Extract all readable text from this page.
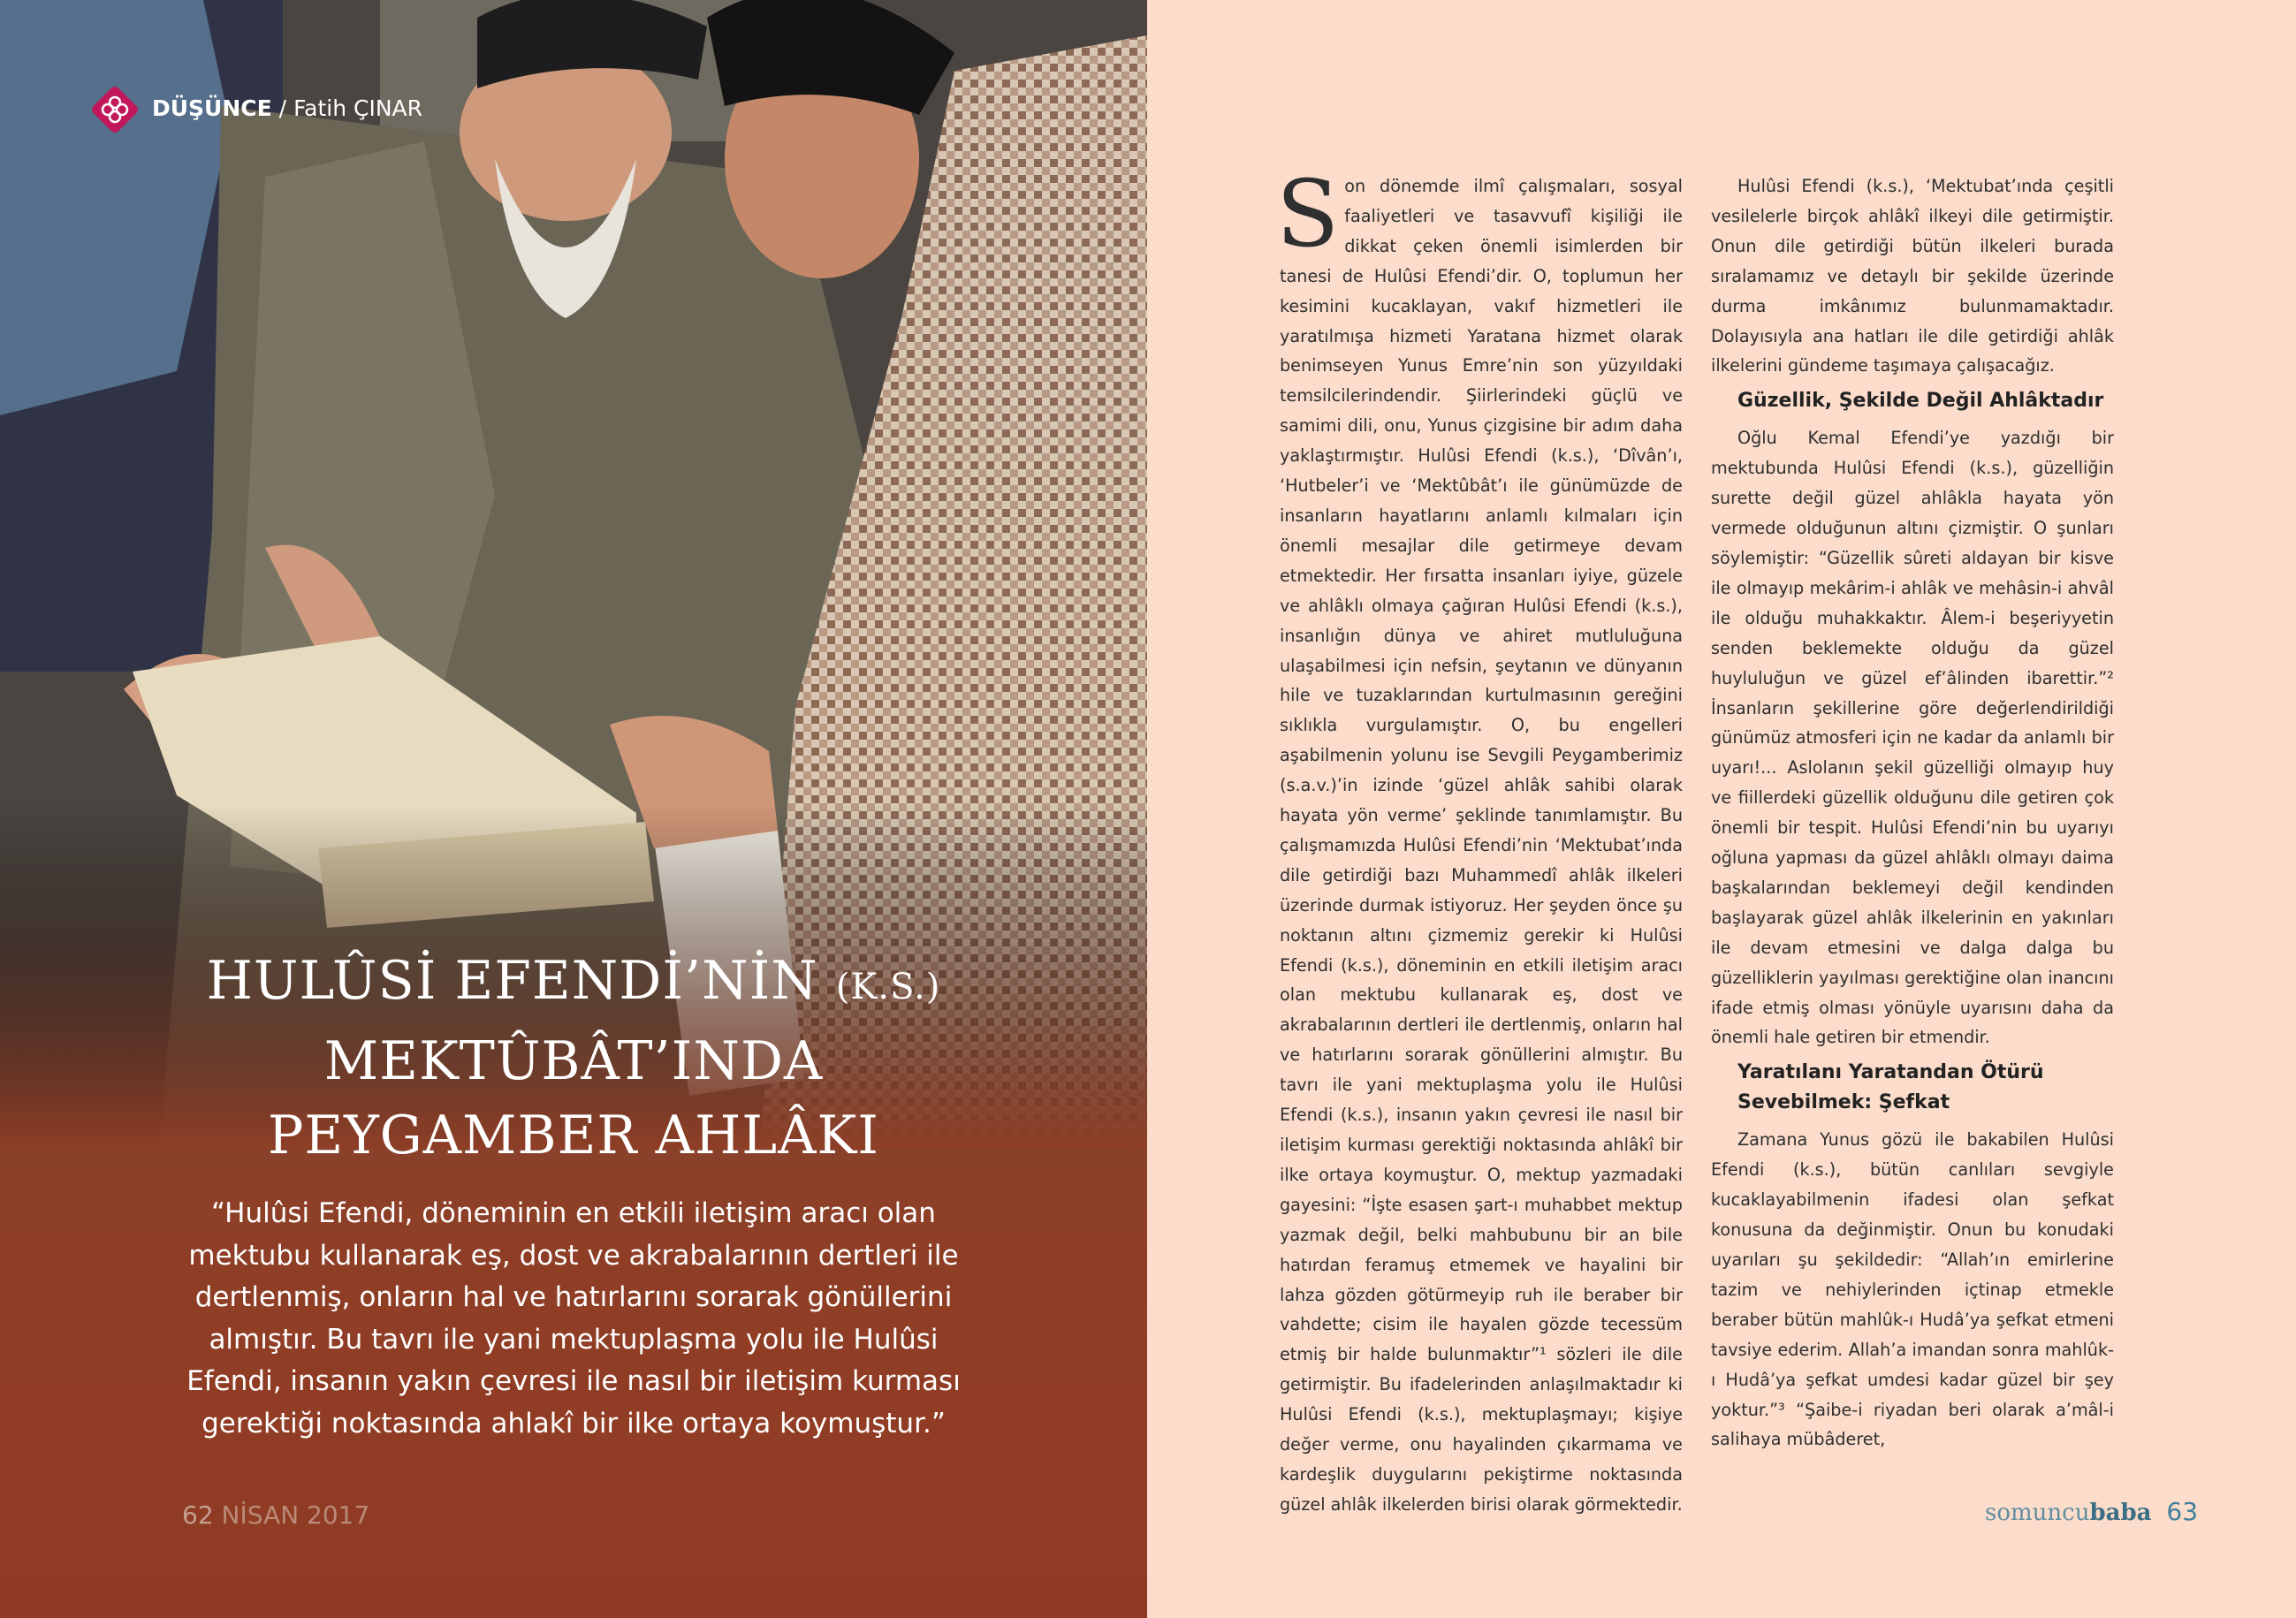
DÜŞÜNCE / Fatih ÇINAR
HULÛSİ EFENDİ’NİN (K.S.)
MEKTÛBÂT’INDA
PEYGAMBER AHLÂKI
“Hulûsi Efendi, döneminin en etkili iletişim aracı olan mektubu kullanarak eş, dost ve akrabalarının dertleri ile dertlenmiş, onların hal ve hatırlarını sorarak gönüllerini almıştır. Bu tavrı ile yani mektuplaşma yolu ile Hulûsi Efendi, insanın yakın çevresi ile nasıl bir iletişim kurması gerektiği noktasında ahlakî bir ilke ortaya koymuştur.”
62 NİSAN 2017

Son dönemde ilmî çalışmaları, sosyal faaliyetleri ve tasavvufî kişiliği ile dikkat çeken önemli isimlerden bir tanesi de Hulûsi Efendi’dir. O, toplumun her kesimini kucaklayan, vakıf hizmetleri ile yaratılmışa hizmeti Yaratana hizmet olarak benimseyen Yunus Emre’nin son yüzyıldaki temsilcilerindendir. Şiirlerindeki güçlü ve samimi dili, onu, Yunus çizgisine bir adım daha yaklaştırmıştır. Hulûsi Efendi (k.s.), ‘Dîvân’ı, ‘Hutbeler’i ve ‘Mektûbât’ı ile günümüzde de insanların hayatlarını anlamlı kılmaları için önemli mesajlar dile getirmeye devam etmektedir. Her fırsatta insanları iyiye, güzele ve ahlâklı olmaya çağıran Hulûsi Efendi (k.s.), insanlığın dünya ve ahiret mutluluğuna ulaşabilmesi için nefsin, şeytanın ve dünyanın hile ve tuzaklarından kurtulmasının gereğini sıklıkla vurgulamıştır. O, bu engelleri aşabilmenin yolunu ise Sevgili Peygamberimiz (s.a.v.)’in izinde ‘güzel ahlâk sahibi olarak hayata yön verme’ şeklinde tanımlamıştır. Bu çalışmamızda Hulûsi Efendi’nin ‘Mektubat’ında dile getirdiği bazı Muhammedî ahlâk ilkeleri üzerinde durmak istiyoruz. Her şeyden önce şu noktanın altını çizmemiz gerekir ki Hulûsi Efendi (k.s.), döneminin en etkili iletişim aracı olan mektubu kullanarak eş, dost ve akrabalarının dertleri ile dertlenmiş, onların hal ve hatırlarını sorarak gönüllerini almıştır. Bu tavrı ile yani mektuplaşma yolu ile Hulûsi Efendi (k.s.), insanın yakın çevresi ile nasıl bir iletişim kurması gerektiği noktasında ahlâkî bir ilke ortaya koymuştur. O, mektup yazmadaki gayesini: “İşte esasen şart-ı muhabbet mektup yazmak değil, belki mahbubunu bir an bile hatırdan feramuş etmemek ve hayalini bir lahza gözden götürmeyip ruh ile beraber bir vahdette; cisim ile hayalen gözde tecessüm etmiş bir halde bulunmaktır”¹ sözleri ile dile getirmiştir. Bu ifadelerinden anlaşılmaktadır ki Hulûsi Efendi (k.s.), mektuplaşmayı; kişiye değer verme, onu hayalinden çıkarmama ve kardeşlik duygularını pekiştirme noktasında güzel ahlâk ilkelerden birisi olarak görmektedir.

Hulûsi Efendi (k.s.), ‘Mektubat’ında çeşitli vesilelerle birçok ahlâkî ilkeyi dile getirmiştir. Onun dile getirdiği bütün ilkeleri burada sıralamamız ve detaylı bir şekilde üzerinde durma imkânımız bulunmamaktadır. Dolayısıyla ana hatları ile dile getirdiği ahlâk ilkelerini gündeme taşımaya çalışacağız.

Güzellik, Şekilde Değil Ahlâktadır

Oğlu Kemal Efendi’ye yazdığı bir mektubunda Hulûsi Efendi (k.s.), güzelliğin surette değil güzel ahlâkla hayata yön vermede olduğunun altını çizmiştir. O şunları söylemiştir: “Güzellik sûreti aldayan bir kisve ile olmayıp mekârim-i ahlâk ve mehâsin-i ahvâl ile olduğu muhakkaktır. Âlem-i beşeriyyetin senden beklemekte olduğu da güzel huyluluğun ve güzel ef’âlinden ibarettir.”² İnsanların şekillerine göre değerlendirildiği günümüz atmosferi için ne kadar da anlamlı bir uyarı!... Aslolanın şekil güzelliği olmayıp huy ve fiillerdeki güzellik olduğunu dile getiren çok önemli bir tespit. Hulûsi Efendi’nin bu uyarıyı oğluna yapması da güzel ahlâklı olmayı daima başkalarından beklemeyi değil kendinden başlayarak güzel ahlâk ilkelerinin en yakınları ile devam etmesini ve dalga dalga bu güzelliklerin yayılması gerektiğine olan inancını ifade etmiş olması yönüyle uyarısını daha da önemli hale getiren bir etmendir.

Yaratılanı Yaratandan Ötürü
Sevebilmek: Şefkat

Zamana Yunus gözü ile bakabilen Hulûsi Efendi (k.s.), bütün canlıları sevgiyle kucaklayabilmenin ifadesi olan şefkat konusuna da değinmiştir. Onun bu konudaki uyarıları şu şekildedir: “Allah’ın emirlerine tazim ve nehiylerinden içtinap etmekle beraber bütün mahlûk-ı Hudâ’ya şefkat etmeni tavsiye ederim. Allah’a imandan sonra mahlûk-ı Hudâ’ya şefkat umdesi kadar güzel bir şey yoktur.”³ “Şaibe-i riyadan beri olarak a’mâl-i salihaya mübâderet,

somuncubaba 63
